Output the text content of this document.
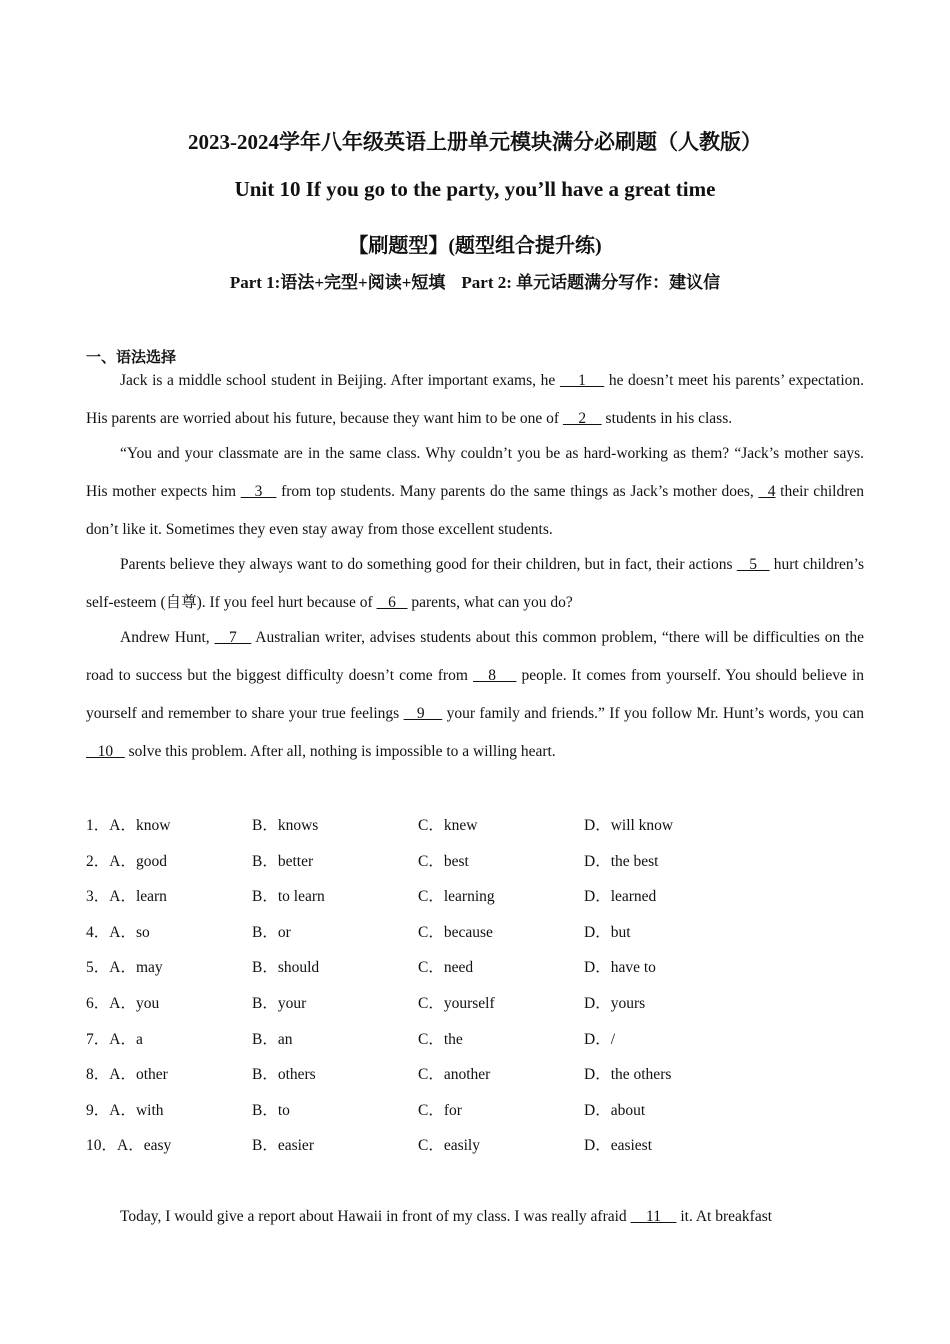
2023-2024学年八年级英语上册单元模块满分必刷题（人教版）
Unit 10 If you go to the party, you’ll have a great time
【刷题型】(题型组合提升练)
Part 1:语法+完型+阅读+短填 Part 2: 单元话题满分写作：建议信
一、语法选择

Jack is a middle school student in Beijing. After important exams, he     1     he doesn’t meet his parents’ expectation. His parents are worried about his future, because they want him to be one of     2     students in his class.

“You and your classmate are in the same class. Why couldn’t you be as hard-working as them? “Jack’s mother says. His mother expects him    3    from top students. Many parents do the same things as Jack’s mother does,   4 their children don’t like it. Sometimes they even stay away from those excellent students.

Parents believe they always want to do something good for their children, but in fact, their actions    5    hurt children’s self-esteem (自尊). If you feel hurt because of    6    parents, what can you do?

Andrew Hunt,    7    Australian writer, advises students about this common problem, “there will be difficulties on the road to success but the biggest difficulty doesn’t come from    8     people. It comes from yourself. You should believe in yourself and remember to share your true feelings    9     your family and friends.” If you follow Mr. Hunt’s words, you can    10    solve this problem. After all, nothing is impossible to a willing heart.

1．A．know	B．knows	C．knew	D．will know
2．A．good	B．better	C．best	D．the best
3．A．learn	B．to learn	C．learning	D．learned
4．A．so	B．or	C．because	D．but
5．A．may	B．should	C．need	D．have to
6．A．you	B．your	C．yourself	D．yours
7．A．a	B．an	C．the	D．/
8．A．other	B．others	C．another	D．the others
9．A．with	B．to	C．for	D．about
10．A．easy	B．easier	C．easily	D．easiest

Today, I would give a report about Hawaii in front of my class. I was really afraid     11     it. At breakfast
